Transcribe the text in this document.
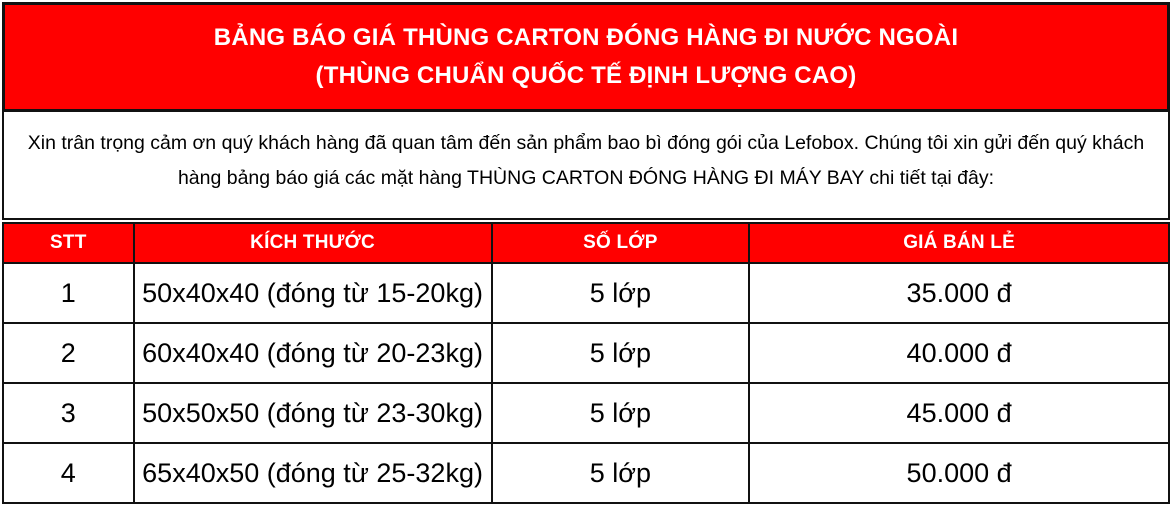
BẢNG BÁO GIÁ THÙNG CARTON ĐÓNG HÀNG ĐI NƯỚC NGOÀI
(THÙNG CHUẨN QUỐC TẾ ĐỊNH LƯỢNG CAO)

Xin trân trọng cảm ơn quý khách hàng đã quan tâm đến sản phẩm bao bì đóng gói của Lefobox. Chúng tôi xin gửi đến quý khách hàng bảng báo giá các mặt hàng THÙNG CARTON ĐÓNG HÀNG ĐI MÁY BAY chi tiết tại đây:

STT	KÍCH THƯỚC	SỐ LỚP	GIÁ BÁN LẺ
1	50x40x40 (đóng từ 15-20kg)	5 lớp	35.000 đ
2	60x40x40 (đóng từ 20-23kg)	5 lớp	40.000 đ
3	50x50x50 (đóng từ 23-30kg)	5 lớp	45.000 đ
4	65x40x50 (đóng từ 25-32kg)	5 lớp	50.000 đ
